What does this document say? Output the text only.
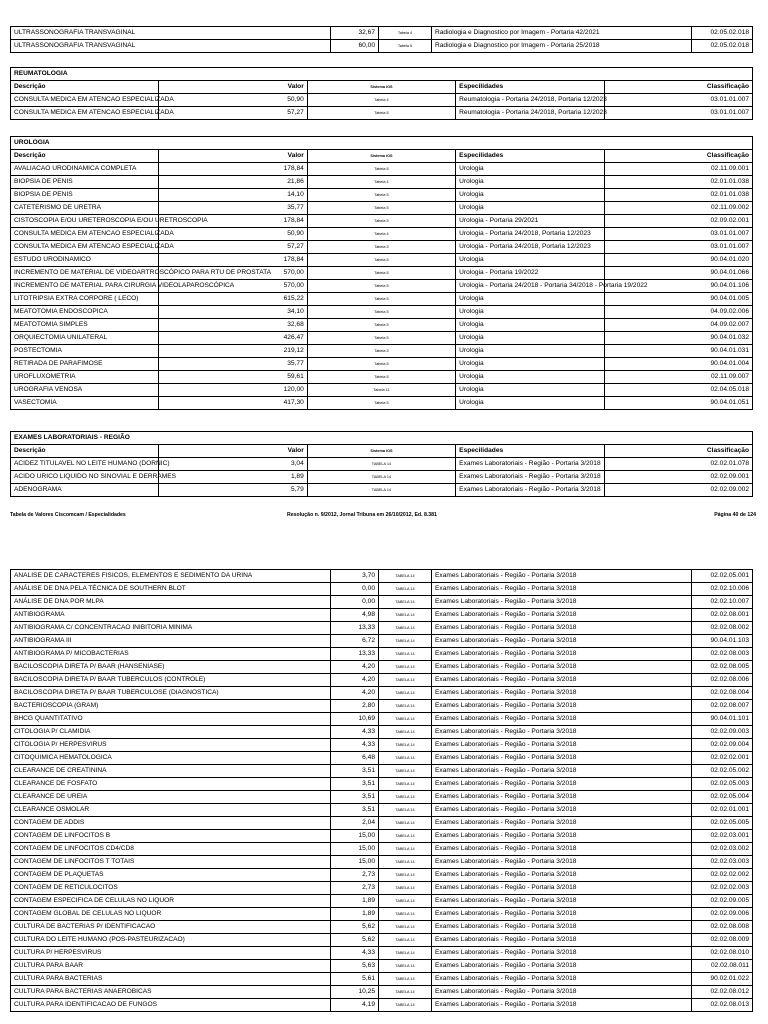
ULTRASSONOGRAFIA TRANSVAGINAL	32,67	Tabela 4	Radiologia e Diagnostico por Imagem - Portaria 42/2021	02.05.02.018
ULTRASSONOGRAFIA TRANSVAGINAL	60,00	Tabela 5	Radiologia e Diagnostico por Imagem - Portaria 25/2018	02.05.02.018
REUMATOLOGIA				
Descrição	Valor	Sistema IOS	Especilidades	Classificação
CONSULTA MEDICA EM ATENCAO ESPECIALIZADA	50,90	Tabela 4	Reumatologia - Portaria 24/2018, Portaria 12/2023	03.01.01.007
CONSULTA MEDICA EM ATENCAO ESPECIALIZADA	57,27	Tabela 5	Reumatologia - Portaria 24/2018, Portaria 12/2023	03.01.01.007
UROLOGIA				
Descrição	Valor	Sistema IOS	Especilidades	Classificação
AVALIACAO URODINAMICA COMPLETA	178,84	Tabela 5	Urologia	02.11.09.001
BIOPSIA DE PENIS	21,86	Tabela 4	Urologia	02.01.01.038
BIOPSIA DE PENIS	14,10	Tabela 5	Urologia	02.01.01.038
CATETERISMO DE URETRA	35,77	Tabela 5	Urologia	02.11.09.002
CISTOSCOPIA E/OU URETEROSCOPIA E/OU URETROSCOPIA	178,84	Tabela 5	Urologia - Portaria 29/2021	02.09.02.001
CONSULTA MEDICA EM ATENCAO ESPECIALIZADA	50,90	Tabela 4	Urologia - Portaria 24/2018, Portaria 12/2023	03.01.01.007
CONSULTA MEDICA EM ATENCAO ESPECIALIZADA	57,27	Tabela 5	Urologia - Portaria 24/2018, Portaria 12/2023	03.01.01.007
ESTUDO URODINAMICO	178,84	Tabela 5	Urologia	90.04.01.020
INCREMENTO DE MATERIAL DE VIDEOARTROSCÓPICO PARA RTU DE PROSTATA	570,00	Tabela 5	Urologia - Portaria 19/2022	90.04.01.066
INCREMENTO DE MATERIAL PARA CIRURGIA VIDEOLAPAROSCÓPICA	570,00	Tabela 5	Urologia - Portaria 24/2018 - Portaria 34/2018 - Portaria 19/2022	90.04.01.106
LITOTRIPSIA EXTRA CORPORE ( LECO)	615,22	Tabela 5	Urologia	90.04.01.005
MEATOTOMIA ENDOSCOPICA	34,10	Tabela 5	Urologia	04.09.02.006
MEATOTOMIA SIMPLES	32,68	Tabela 5	Urologia	04.09.02.007
ORQUIECTOMIA UNILATERAL	426,47	Tabela 5	Urologia	90.04.01.032
POSTECTOMIA	219,12	Tabela 5	Urologia	90.04.01.031
RETIRADA DE PARAFIMOSE	35,77	Tabela 5	Urologia	90.04.01.004
UROFLUXOMETRIA	59,61	Tabela 5	Urologia	02.11.09.007
UROGRAFIA VENOSA	120,00	Tabela 11	Urologia	02.04.05.018
VASECTOMIA	417,30	Tabela 5	Urologia	90.04.01.051
EXAMES LABORATORIAIS - REGIÃO				
Descrição	Valor	Sistema IOS	Especilidades	Classificação
ACIDEZ TITULAVEL NO LEITE HUMANO (DORNIC)	3,04	TABELA 14	Exames Laboratoriais - Região - Portaria 3/2018	02.02.01.078
ACIDO URICO LIQUIDO NO SINOVIAL E DERRAMES	1,89	TABELA 14	Exames Laboratoriais - Região - Portaria 3/2018	02.02.09.001
ADENOGRAMA	5,79	TABELA 14	Exames Laboratoriais - Região - Portaria 3/2018	02.02.09.002
Tabela de Valores Ciscomcam / Especialidades	Resolução n. 9/2012, Jornal Tribuna em 26/10/2012, Ed. 8.381	Página 40 de 124
ANALISE DE CARACTERES FISICOS, ELEMENTOS E SEDIMENTO DA URINA	3,70	TABELA 14	Exames Laboratoriais - Região - Portaria 3/2018	02.02.05.001
ANÁLISE DE DNA PELA TÉCNICA DE SOUTHERN BLOT	0,00	TABELA 14	Exames Laboratoriais - Região - Portaria 3/2018	02.02.10.006
ANÁLISE DE DNA POR MLPA	0,00	TABELA 14	Exames Laboratoriais - Região - Portaria 3/2018	02.02.10.007
ANTIBIOGRAMA	4,98	TABELA 14	Exames Laboratoriais - Região - Portaria 3/2018	02.02.08.001
ANTIBIOGRAMA C/ CONCENTRACAO INIBITORIA MINIMA	13,33	TABELA 14	Exames Laboratoriais - Região - Portaria 3/2018	02.02.08.002
ANTIBIOGRAMA III	6,72	TABELA 14	Exames Laboratoriais - Região - Portaria 3/2018	90.04.01.103
ANTIBIOGRAMA P/ MICOBACTERIAS	13,33	TABELA 14	Exames Laboratoriais - Região - Portaria 3/2018	02.02.08.003
BACILOSCOPIA DIRETA P/ BAAR (HANSENIASE)	4,20	TABELA 14	Exames Laboratoriais - Região - Portaria 3/2018	02.02.08.005
BACILOSCOPIA DIRETA P/ BAAR TUBERCULOS (CONTROLE)	4,20	TABELA 14	Exames Laboratoriais - Região - Portaria 3/2018	02.02.08.006
BACILOSCOPIA DIRETA P/ BAAR TUBERCULOSE (DIAGNOSTICA)	4,20	TABELA 14	Exames Laboratoriais - Região - Portaria 3/2018	02.02.08.004
BACTERIOSCOPIA (GRAM)	2,80	TABELA 14	Exames Laboratoriais - Região - Portaria 3/2018	02.02.08.007
BHCG QUANTITATIVO	10,69	TABELA 14	Exames Laboratoriais - Região - Portaria 3/2018	90.04.01.101
CITOLOGIA P/ CLAMIDIA	4,33	TABELA 14	Exames Laboratoriais - Região - Portaria 3/2018	02.02.09.003
CITOLOGIA P/ HERPESVIRUS	4,33	TABELA 14	Exames Laboratoriais - Região - Portaria 3/2018	02.02.09.004
CITOQUIMICA HEMATOLOGICA	6,48	TABELA 14	Exames Laboratoriais - Região - Portaria 3/2018	02.02.02.001
CLEARANCE DE CREATININA	3,51	TABELA 14	Exames Laboratoriais - Região - Portaria 3/2018	02.02.05.002
CLEARANCE DE FOSFATO	3,51	TABELA 14	Exames Laboratoriais - Região - Portaria 3/2018	02.02.05.003
CLEARANCE DE UREIA	3,51	TABELA 14	Exames Laboratoriais - Região - Portaria 3/2018	02.02.05.004
CLEARANCE OSMOLAR	3,51	TABELA 14	Exames Laboratoriais - Região - Portaria 3/2018	02.02.01.001
CONTAGEM DE ADDIS	2,04	TABELA 14	Exames Laboratoriais - Região - Portaria 3/2018	02.02.05.005
CONTAGEM DE LINFOCITOS B	15,00	TABELA 14	Exames Laboratoriais - Região - Portaria 3/2018	02.02.03.001
CONTAGEM DE LINFOCITOS CD4/CD8	15,00	TABELA 14	Exames Laboratoriais - Região - Portaria 3/2018	02.02.03.002
CONTAGEM DE LINFOCITOS T TOTAIS	15,00	TABELA 14	Exames Laboratoriais - Região - Portaria 3/2018	02.02.03.003
CONTAGEM DE PLAQUETAS	2,73	TABELA 14	Exames Laboratoriais - Região - Portaria 3/2018	02.02.02.002
CONTAGEM DE RETICULOCITOS	2,73	TABELA 14	Exames Laboratoriais - Região - Portaria 3/2018	02.02.02.003
CONTAGEM ESPECIFICA DE CELULAS NO LIQUOR	1,89	TABELA 14	Exames Laboratoriais - Região - Portaria 3/2018	02.02.09.005
CONTAGEM GLOBAL DE CELULAS NO LIQUOR	1,89	TABELA 14	Exames Laboratoriais - Região - Portaria 3/2018	02.02.09.006
CULTURA DE BACTERIAS P/ IDENTIFICACAO	5,62	TABELA 14	Exames Laboratoriais - Região - Portaria 3/2018	02.02.08.008
CULTURA DO LEITE HUMANO (POS-PASTEURIZACAO)	5,62	TABELA 14	Exames Laboratoriais - Região - Portaria 3/2018	02.02.08.009
CULTURA P/ HERPESVIRUS	4,33	TABELA 14	Exames Laboratoriais - Região - Portaria 3/2018	02.02.08.010
CULTURA PARA BAAR	5,63	TABELA 14	Exames Laboratoriais - Região - Portaria 3/2018	02.02.08.011
CULTURA PARA BACTERIAS	5,61	TABELA 14	Exames Laboratoriais - Região - Portaria 3/2018	90.02.01.022
CULTURA PARA BACTERIAS ANAEROBICAS	10,25	TABELA 14	Exames Laboratoriais - Região - Portaria 3/2018	02.02.08.012
CULTURA PARA IDENTIFICACAO DE FUNGOS	4,19	TABELA 14	Exames Laboratoriais - Região - Portaria 3/2018	02.02.08.013
